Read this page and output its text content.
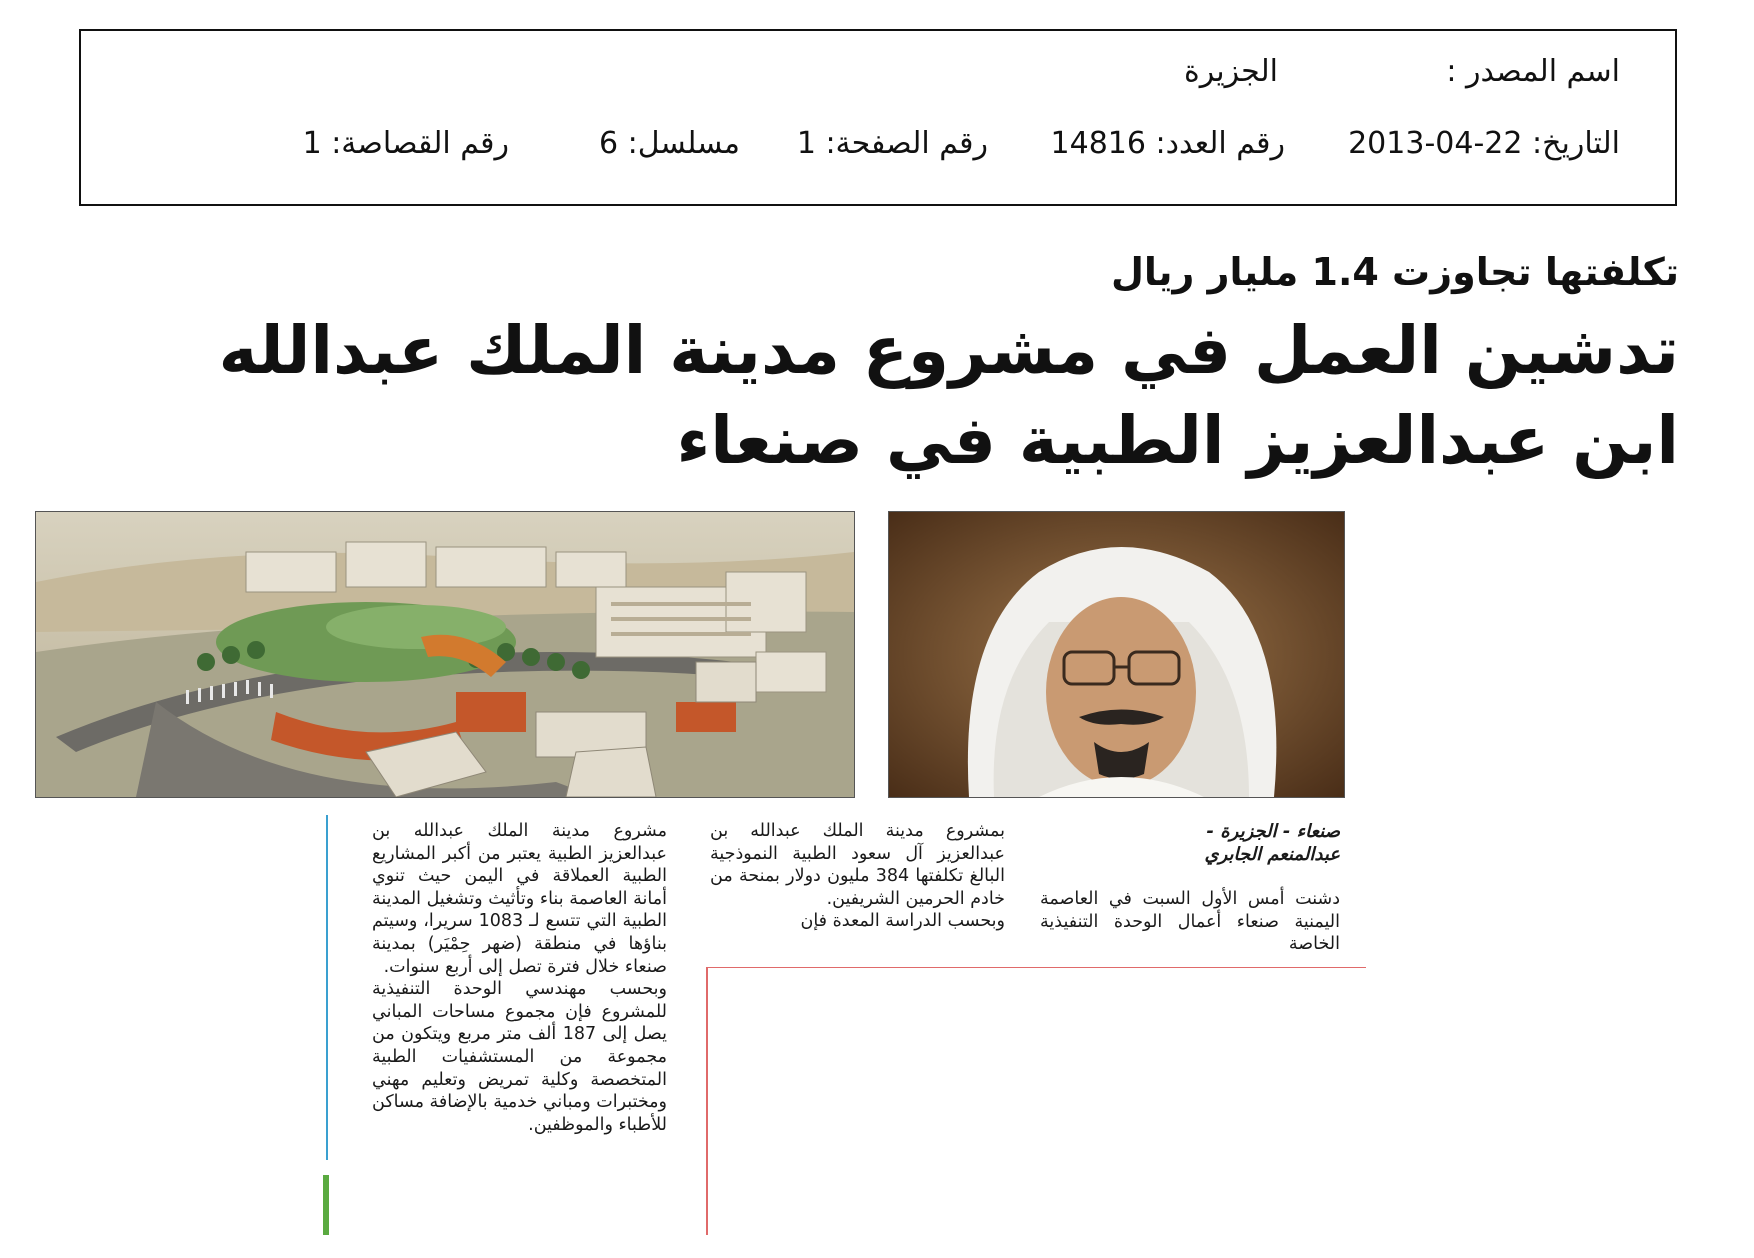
اسم المصدر :
الجزيرة
التاريخ: 22-04-2013
رقم العدد: 14816
رقم الصفحة: 1
مسلسل: 6
رقم القصاصة: 1
تكلفتها تجاوزت 1.4 مليار ريال
تدشين العمل في مشروع مدينة الملك عبدالله
ابن عبدالعزيز الطبية في صنعاء

صنعاء - الجزيرة -

عبدالمنعم الجابري

دشنت أمس الأول السبت في العاصمة اليمنية صنعاء أعمال الوحدة التنفيذية الخاصة

بمشروع مدينة الملك عبدالله بن عبدالعزيز آل سعود الطبية النموذجية البالغ تكلفتها 384 مليون دولار بمنحة من خادم الحرمين الشريفين.

وبحسب الدراسة المعدة فإن

مشروع مدينة الملك عبدالله بن عبدالعزيز الطبية يعتبر من أكبر المشاريع الطبية العملاقة في اليمن حيث تنوي أمانة العاصمة بناء وتأثيث وتشغيل المدينة الطبية التي تتسع لـ 1083 سريرا، وسيتم بناؤها في منطقة (ضهر حِمْيَر) بمدينة صنعاء خلال فترة تصل إلى أربع سنوات.

وبحسب مهندسي الوحدة التنفيذية للمشروع فإن مجموع مساحات المباني يصل إلى 187 ألف متر مربع ويتكون من مجموعة من المستشفيات الطبية المتخصصة وكلية تمريض وتعليم مهني ومختبرات ومباني خدمية بالإضافة مساكن للأطباء والموظفين.
